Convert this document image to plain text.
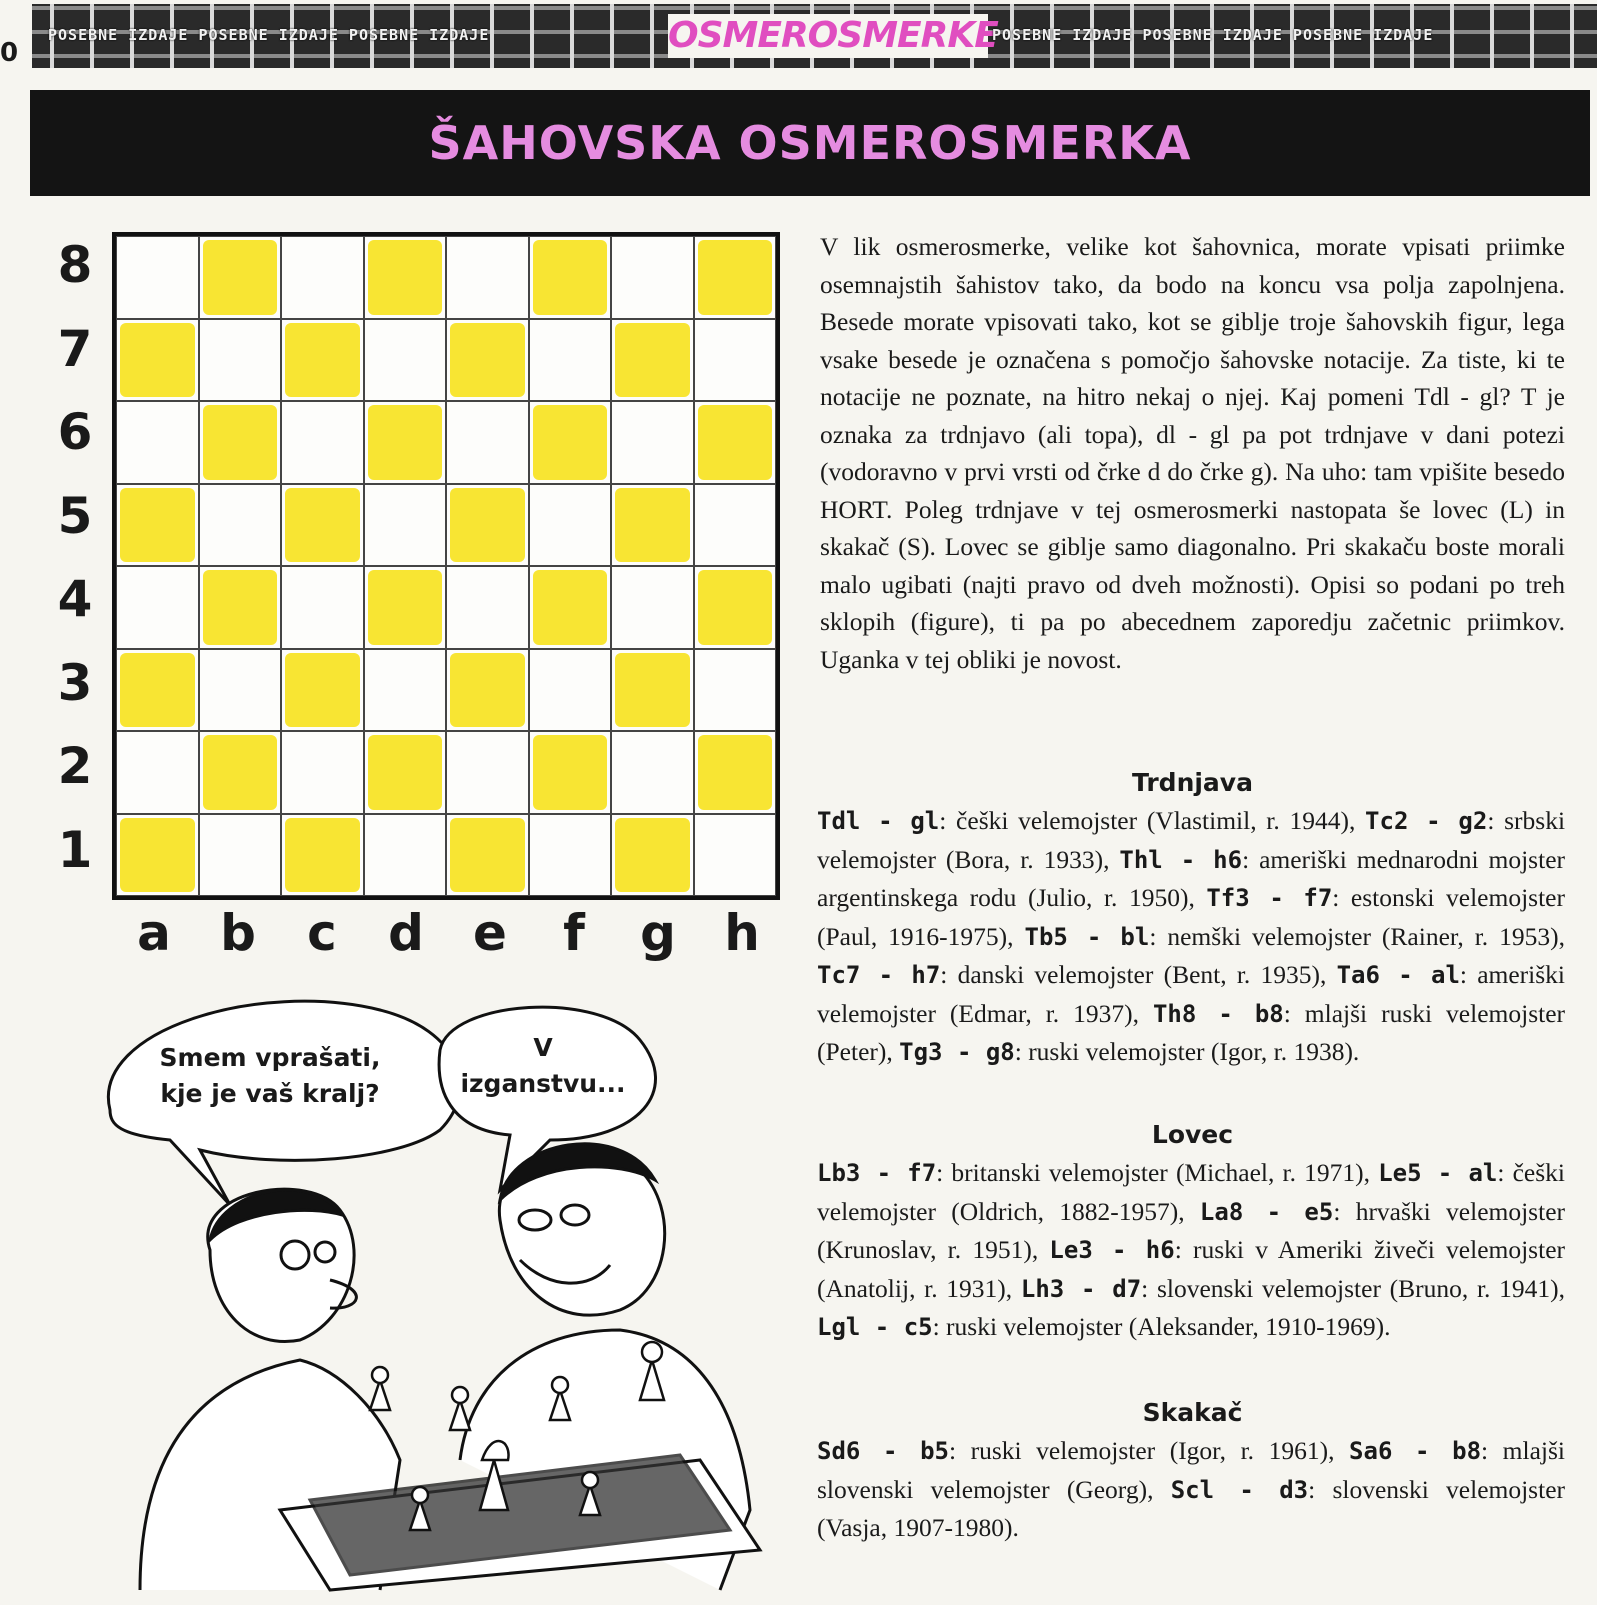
0
POSEBNE IZDAJE POSEBNE IZDAJE POSEBNE IZDAJE	OSMEROSMERKE
POSEBNE IZDAJE POSEBNE IZDAJE POSEBNE IZDAJE
ŠAHOVSKA OSMEROSMERKA
8
7
6
5
4
3
2
1
a b	c	d e	f	g h
V lik osmerosmerke, velike kot šahovnica, morate vpisati priimke osemnajstih šahistov tako, da bodo na koncu vsa polja zapolnjena. Besede morate vpisovati tako, kot se giblje troje šahovskih figur, lega vsake besede je označena s pomočjo šahovske notacije. Za tiste, ki te notacije ne poznate, na hitro nekaj o njej. Kaj pomeni Tdl - gl? T je oznaka za trdnjavo (ali topa), dl - gl pa pot trdnjave v dani potezi (vodoravno v prvi vrsti od črke d do črke g). Na uho: tam vpišite besedo HORT. Poleg trdnjave v tej osmerosmerki nastopata še lovec (L) in skakač (S). Lovec se giblje samo diagonalno. Pri skakaču boste morali malo ugibati (najti pravo od dveh možnosti). Opisi so podani po treh sklopih (figure), ti pa po abecednem zaporedju začetnic priimkov. Uganka v tej obliki je novost.
Trdnjava
Tdl - gl: češki velemojster (Vlastimil, r. 1944), Tc2 - g2: srbski velemojster (Bora, r. 1933), Thl - h6: ameriški mednarodni mojster argentinskega rodu (Julio, r. 1950), Tf3 - f7: estonski velemojster (Paul, 1916-1975), Tb5 - bl: nemški velemojster (Rainer, r. 1953), Tc7 - h7: danski velemojster (Bent, r. 1935), Ta6 - al: ameriški velemojster (Edmar, r. 1937), Th8 - b8: mlajši ruski velemojster (Peter), Tg3 - g8: ruski velemojster (Igor, r. 1938).
Lovec
Lb3 - f7: britanski velemojster (Michael, r. 1971), Le5 - al: češki velemojster (Oldrich, 1882-1957), La8 - e5: hrvaški velemojster (Krunoslav, r. 1951), Le3 - h6: ruski v Ameriki živeči velemojster (Anatolij, r. 1931), Lh3 - d7: slovenski velemojster (Bruno, r. 1941), Lgl - c5: ruski velemojster (Aleksander, 1910-1969).
Skakač
Sd6 - b5: ruski velemojster (Igor, r. 1961), Sa6 - b8: mlajši slovenski velemojster (Georg), Scl - d3: slovenski velemojster (Vasja, 1907-1980).
Smem vprašati, kje je vaš kralj?
V izganstvu...
